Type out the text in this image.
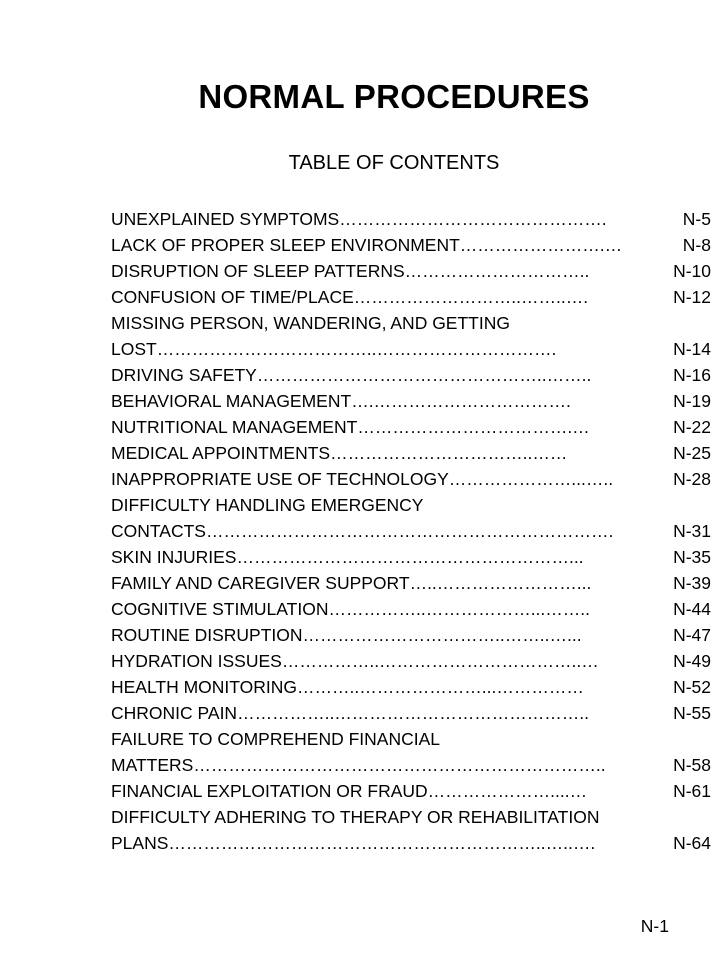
NORMAL PROCEDURES
TABLE OF CONTENTS
UNEXPLAINED SYMPTOMS ……………………………………….	N-5
LACK OF PROPER SLEEP ENVIRONMENT …………………….…	N-8
DISRUPTION OF SLEEP PATTERNS …………………………..	N-10
CONFUSION OF TIME/PLACE ………………………..……..….	N-12
MISSING PERSON, WANDERING, AND GETTING
LOST ………………………………..………………………….	N-14
DRIVING SAFETY …………………………………………..……..	N-16
BEHAVIORAL MANAGEMENT ….…………………………….	N-19
NUTRITIONAL MANAGEMENT ……………………………….…	N-22
MEDICAL APPOINTMENTS ……………………………..……	N-25
INAPPROPRIATE USE OF TECHNOLOGY …………………...…..	N-28
DIFFICULTY HANDLING EMERGENCY
CONTACTS …………………………………………………………….	N-31
SKIN INJURIES …………………………………………………...	N-35
FAMILY AND CAREGIVER SUPPORT …..……………………...	N-39
COGNITIVE STIMULATION ……………..………………...……..	N-44
ROUTINE DISRUPTION ……………………………..……..…...	N-47
HYDRATION ISSUES ……………..……………………………..…	N-49
HEALTH MONITORING ………..…………………...……………	N-52
CHRONIC PAIN ……………..……………………………………..	N-55
FAILURE TO COMPREHEND FINANCIAL
MATTERS ……………………………………………………………..	N-58
FINANCIAL EXPLOITATION OR FRAUD …………………....…	N-61
DIFFICULTY ADHERING TO THERAPY OR REHABILITATION
PLANS ………………………………………………………..…..….	N-64
N-1
